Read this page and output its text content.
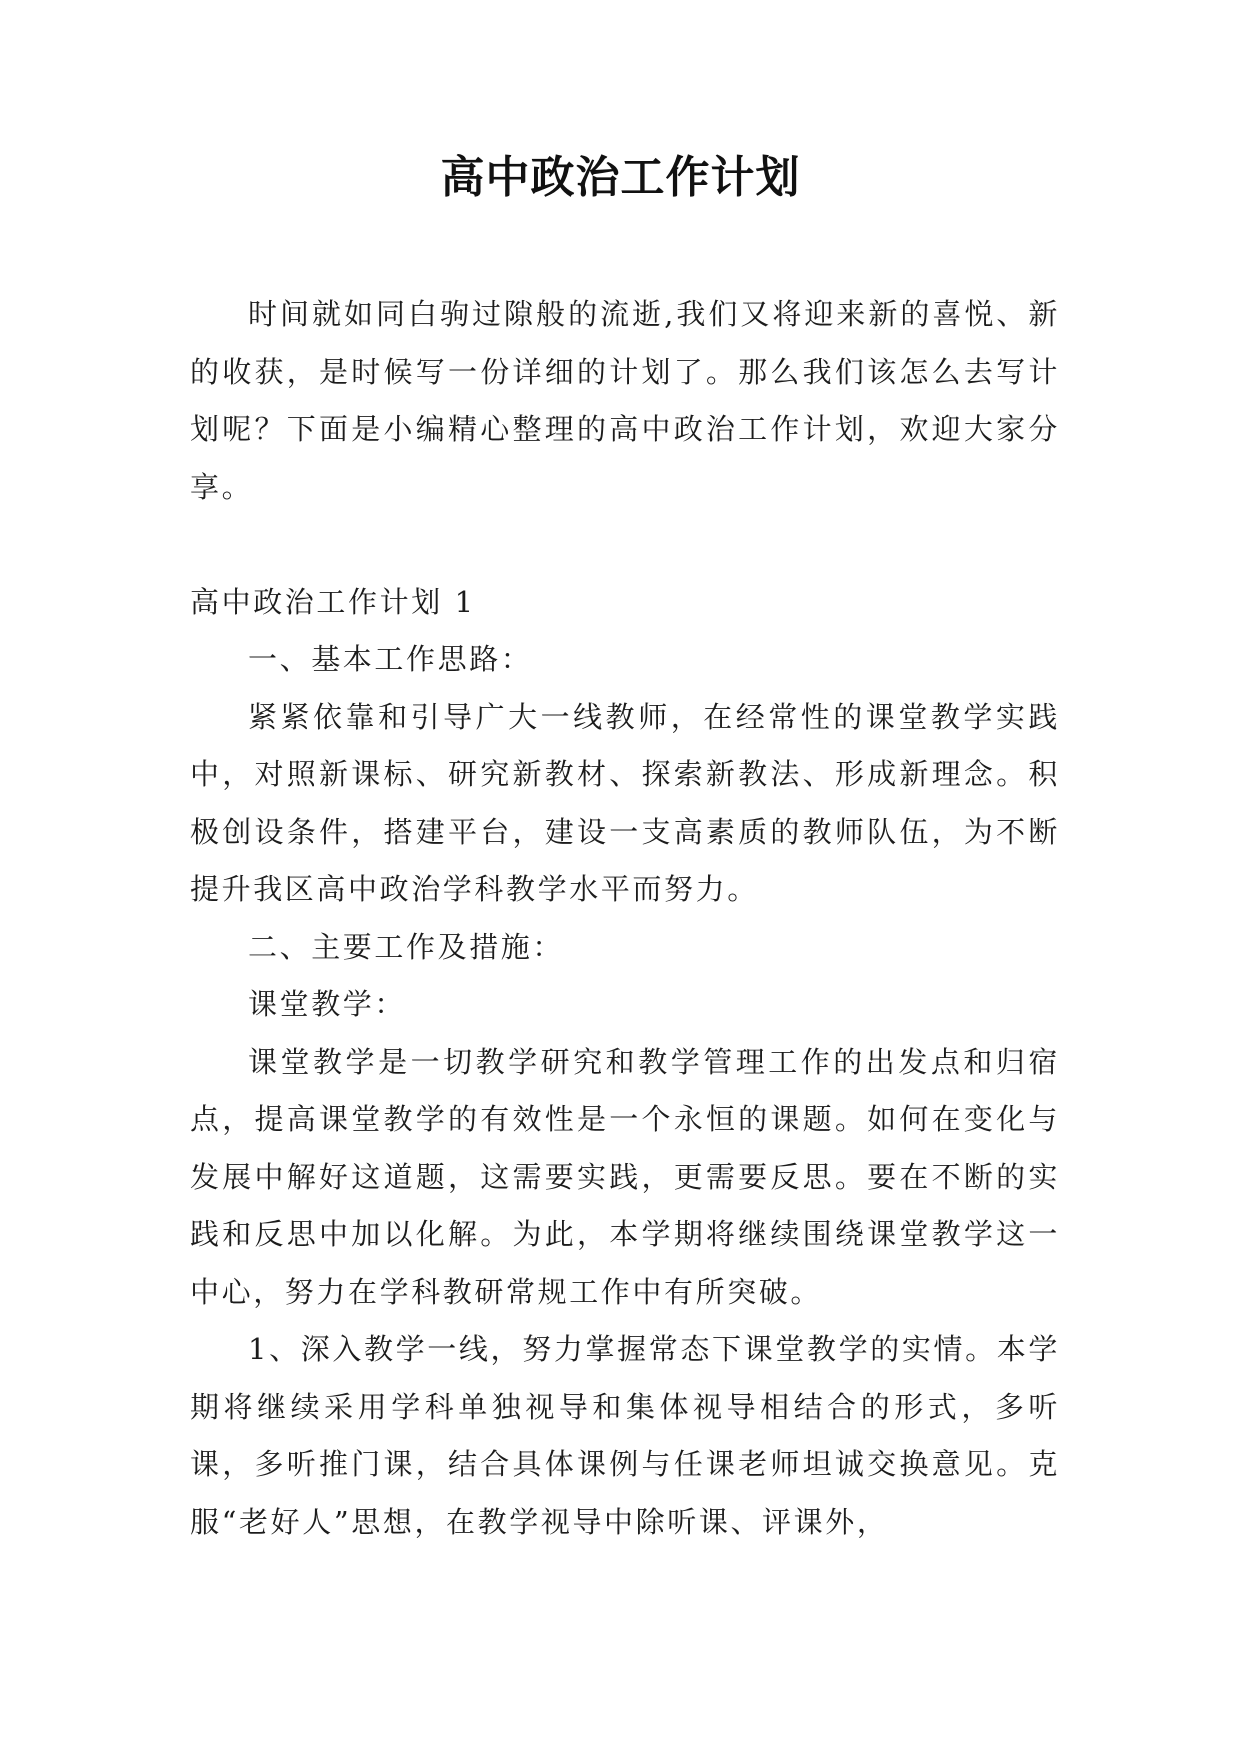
高中政治工作计划

时间就如同白驹过隙般的流逝,我们又将迎来新的喜悦、新的收获，是时候写一份详细的计划了。那么我们该怎么去写计划呢？下面是小编精心整理的高中政治工作计划，欢迎大家分享。

高中政治工作计划 1

一、基本工作思路：

紧紧依靠和引导广大一线教师，在经常性的课堂教学实践中，对照新课标、研究新教材、探索新教法、形成新理念。积极创设条件，搭建平台，建设一支高素质的教师队伍，为不断提升我区高中政治学科教学水平而努力。

二、主要工作及措施：

课堂教学：

课堂教学是一切教学研究和教学管理工作的出发点和归宿点，提高课堂教学的有效性是一个永恒的课题。如何在变化与发展中解好这道题，这需要实践，更需要反思。要在不断的实践和反思中加以化解。为此，本学期将继续围绕课堂教学这一中心，努力在学科教研常规工作中有所突破。

1、深入教学一线，努力掌握常态下课堂教学的实情。本学期将继续采用学科单独视导和集体视导相结合的形式，多听课，多听推门课，结合具体课例与任课老师坦诚交换意见。克服“老好人”思想，在教学视导中除听课、评课外，
